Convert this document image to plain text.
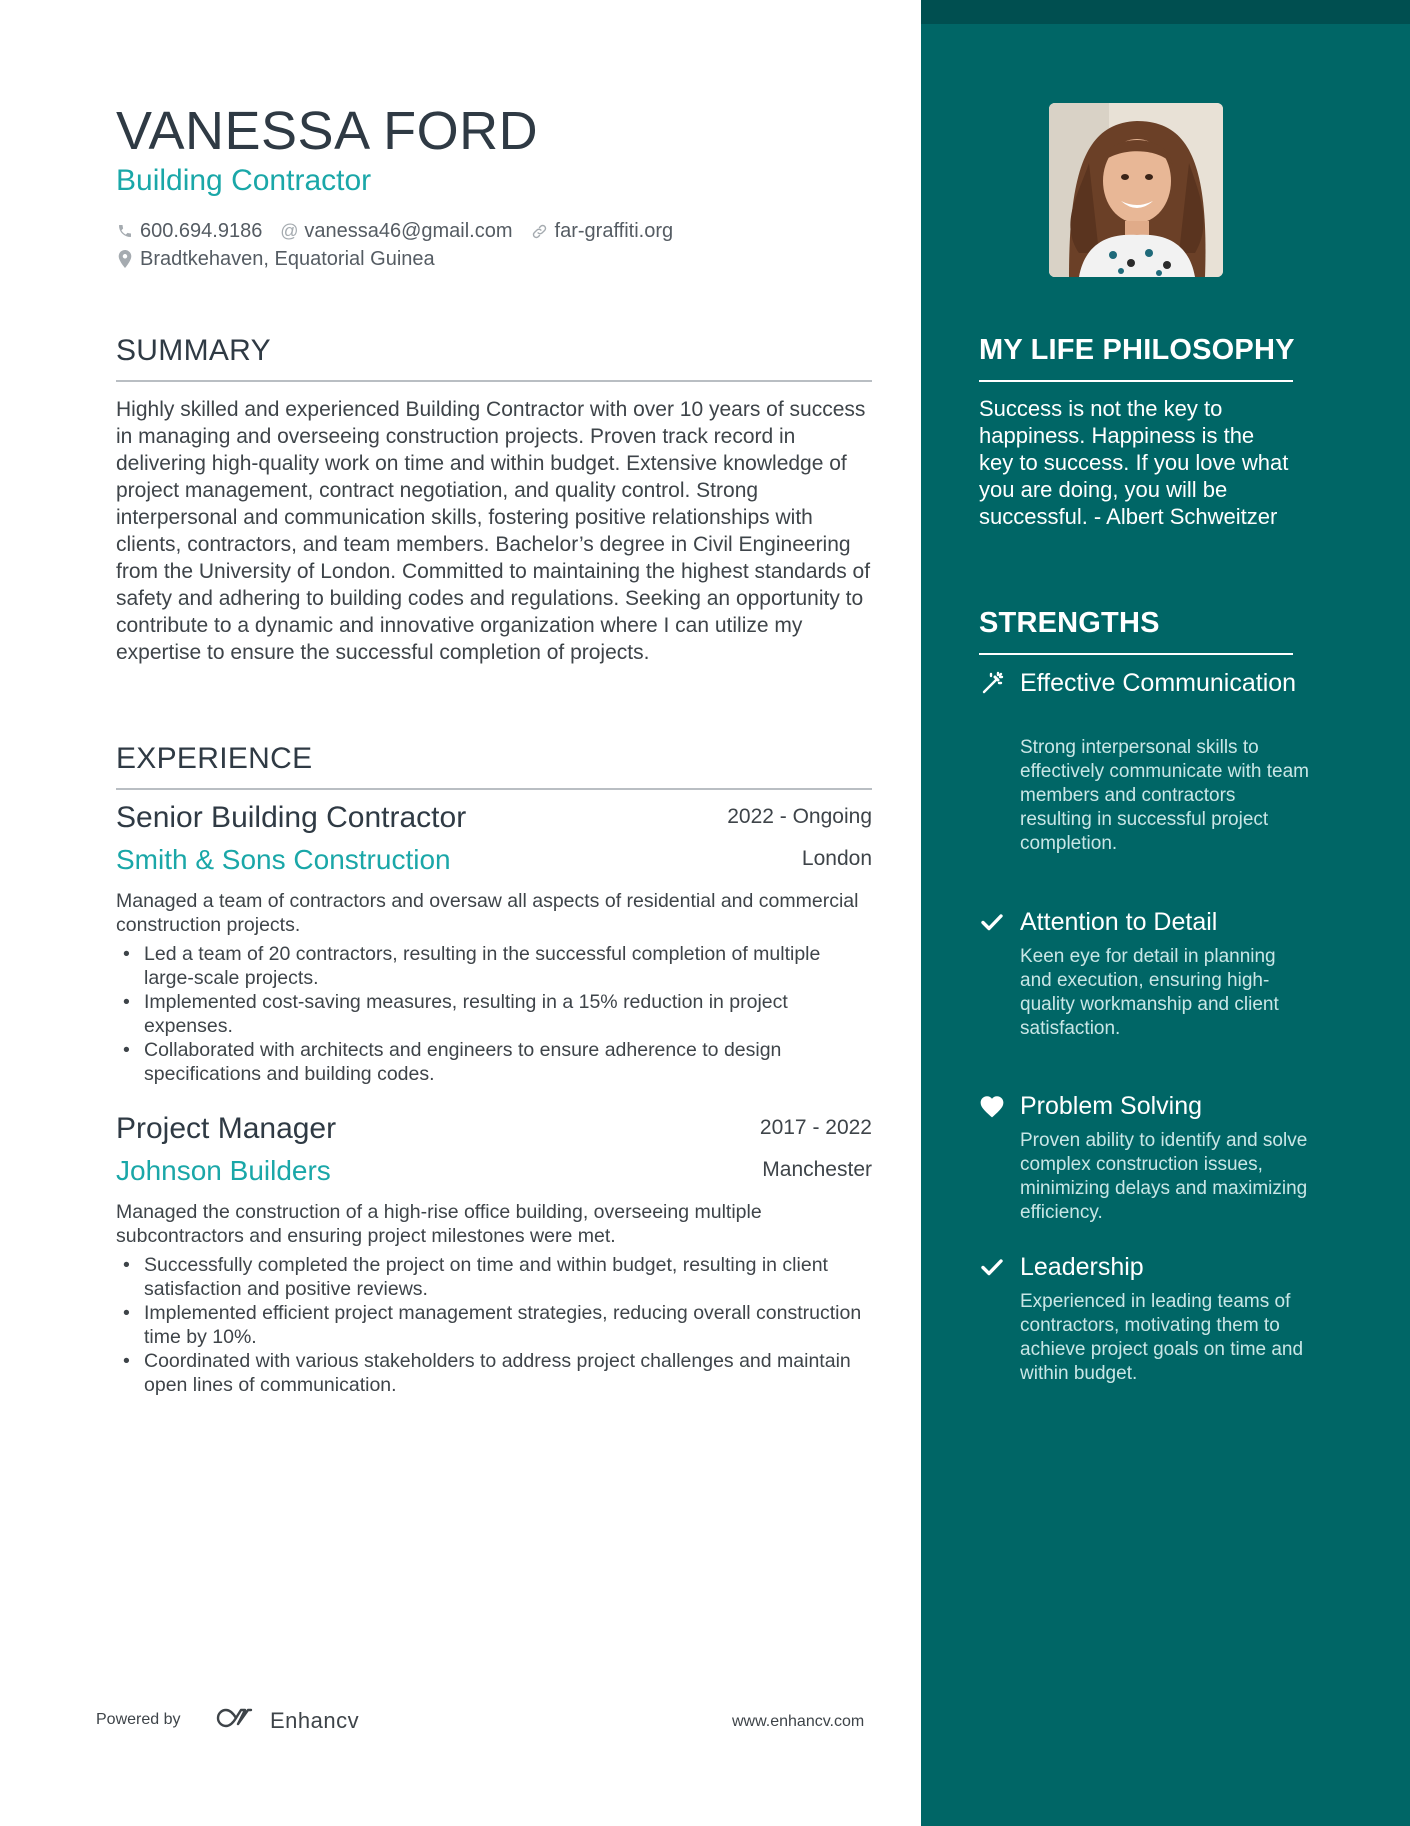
VANESSA FORD
Building Contractor
600.694.9186 @ vanessa46@gmail.com far-graffiti.org
Bradtkehaven, Equatorial Guinea
SUMMARY

Highly skilled and experienced Building Contractor with over 10 years of success in managing and overseeing construction projects. Proven track record in delivering high-quality work on time and within budget. Extensive knowledge of project management, contract negotiation, and quality control. Strong interpersonal and communication skills, fostering positive relationships with clients, contractors, and team members. Bachelor’s degree in Civil Engineering from the University of London. Committed to maintaining the highest standards of safety and adhering to building codes and regulations. Seeking an opportunity to contribute to a dynamic and innovative organization where I can utilize my expertise to ensure the successful completion of projects.

EXPERIENCE
Senior Building Contractor	2022 - Ongoing
Smith & Sons Construction	London
Managed a team of contractors and oversaw all aspects of residential and commercial construction projects.
• Led a team of 20 contractors, resulting in the successful completion of multiple large-scale projects.
• Implemented cost-saving measures, resulting in a 15% reduction in project expenses.
• Collaborated with architects and engineers to ensure adherence to design specifications and building codes.
Project Manager	2017 - 2022
Johnson Builders	Manchester
Managed the construction of a high-rise office building, overseeing multiple subcontractors and ensuring project milestones were met.
• Successfully completed the project on time and within budget, resulting in client satisfaction and positive reviews.
• Implemented efficient project management strategies, reducing overall construction time by 10%.
• Coordinated with various stakeholders to address project challenges and maintain open lines of communication.
Powered by	Enhancv	www.enhancv.com
MY LIFE PHILOSOPHY

Success is not the key to happiness. Happiness is the key to success. If you love what you are doing, you will be successful. - Albert Schweitzer

STRENGTHS
Effective Communication
Strong interpersonal skills to effectively communicate with team members and contractors resulting in successful project completion.
Attention to Detail
Keen eye for detail in planning and execution, ensuring high-quality workmanship and client satisfaction.
Problem Solving
Proven ability to identify and solve complex construction issues, minimizing delays and maximizing efficiency.
Leadership
Experienced in leading teams of contractors, motivating them to achieve project goals on time and within budget.
